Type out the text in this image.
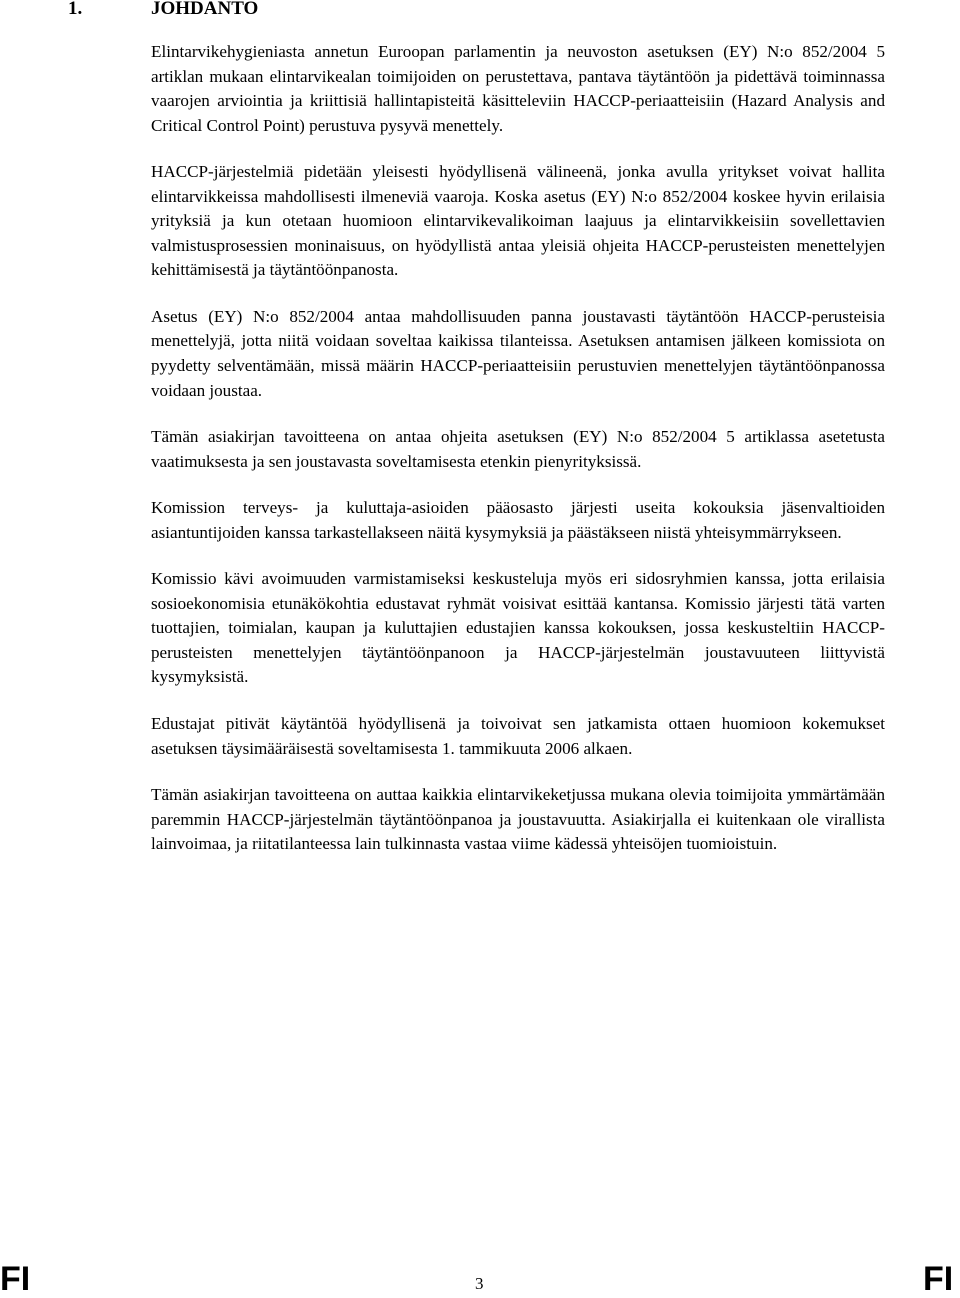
1.	JOHDANTO

Elintarvikehygieniasta annetun Euroopan parlamentin ja neuvoston asetuksen (EY) N:o 852/2004 5 artiklan mukaan elintarvikealan toimijoiden on perustettava, pantava täytäntöön ja pidettävä toiminnassa vaarojen arviointia ja kriittisiä hallintapisteitä käsitteleviin HACCP-periaatteisiin (Hazard Analysis and Critical Control Point) perustuva pysyvä menettely.

HACCP-järjestelmiä pidetään yleisesti hyödyllisenä välineenä, jonka avulla yritykset voivat hallita elintarvikkeissa mahdollisesti ilmeneviä vaaroja. Koska asetus (EY) N:o 852/2004 koskee hyvin erilaisia yrityksiä ja kun otetaan huomioon elintarvikevalikoiman laajuus ja elintarvikkeisiin sovellettavien valmistusprosessien moninaisuus, on hyödyllistä antaa yleisiä ohjeita HACCP-perusteisten menettelyjen kehittämisestä ja täytäntöönpanosta.

Asetus (EY) N:o 852/2004 antaa mahdollisuuden panna joustavasti täytäntöön HACCP-perusteisia menettelyjä, jotta niitä voidaan soveltaa kaikissa tilanteissa. Asetuksen antamisen jälkeen komissiota on pyydetty selventämään, missä määrin HACCP-periaatteisiin perustuvien menettelyjen täytäntöönpanossa voidaan joustaa.

Tämän asiakirjan tavoitteena on antaa ohjeita asetuksen (EY) N:o 852/2004 5 artiklassa asetetusta vaatimuksesta ja sen joustavasta soveltamisesta etenkin pienyrityksissä.

Komission terveys- ja kuluttaja-asioiden pääosasto järjesti useita kokouksia jäsenvaltioiden asiantuntijoiden kanssa tarkastellakseen näitä kysymyksiä ja päästäkseen niistä yhteisymmärrykseen.

Komissio kävi avoimuuden varmistamiseksi keskusteluja myös eri sidosryhmien kanssa, jotta erilaisia sosioekonomisia etunäkökohtia edustavat ryhmät voisivat esittää kantansa. Komissio järjesti tätä varten tuottajien, toimialan, kaupan ja kuluttajien edustajien kanssa kokouksen, jossa keskusteltiin HACCP-perusteisten menettelyjen täytäntöönpanoon ja HACCP-järjestelmän joustavuuteen liittyvistä kysymyksistä.

Edustajat pitivät käytäntöä hyödyllisenä ja toivoivat sen jatkamista ottaen huomioon kokemukset asetuksen täysimääräisestä soveltamisesta 1. tammikuuta 2006 alkaen.

Tämän asiakirjan tavoitteena on auttaa kaikkia elintarvikeketjussa mukana olevia toimijoita ymmärtämään paremmin HACCP-järjestelmän täytäntöönpanoa ja joustavuutta. Asiakirjalla ei kuitenkaan ole virallista lainvoimaa, ja riitatilanteessa lain tulkinnasta vastaa viime kädessä yhteisöjen tuomioistuin.

FI	3	FI
